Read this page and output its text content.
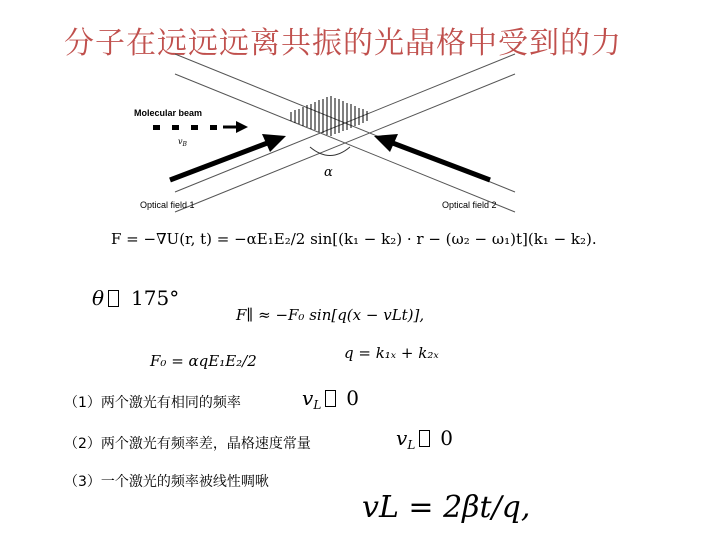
分子在远远远离共振的光晶格中受到的力
α
Molecular beam
$v_B$
Optical field 1	Optical field 2
F = −∇U(r, t) = −αE₁E₂/2 sin[(k₁ − k₂) · r − (ω₂ − ω₁)t](k₁ − k₂).
θ 175°
F∥ ≈ −F₀ sin[q(x − vLt)],
F₀ = αqE₁E₂/2	q = k₁ₓ + k₂ₓ
（1）两个激光有相同的频率	$v_L$ 0
（2）两个激光有频率差，晶格速度常量	$v_L$ 0
（3）一个激光的频率被线性啁啾
vL = 2βt/q,
